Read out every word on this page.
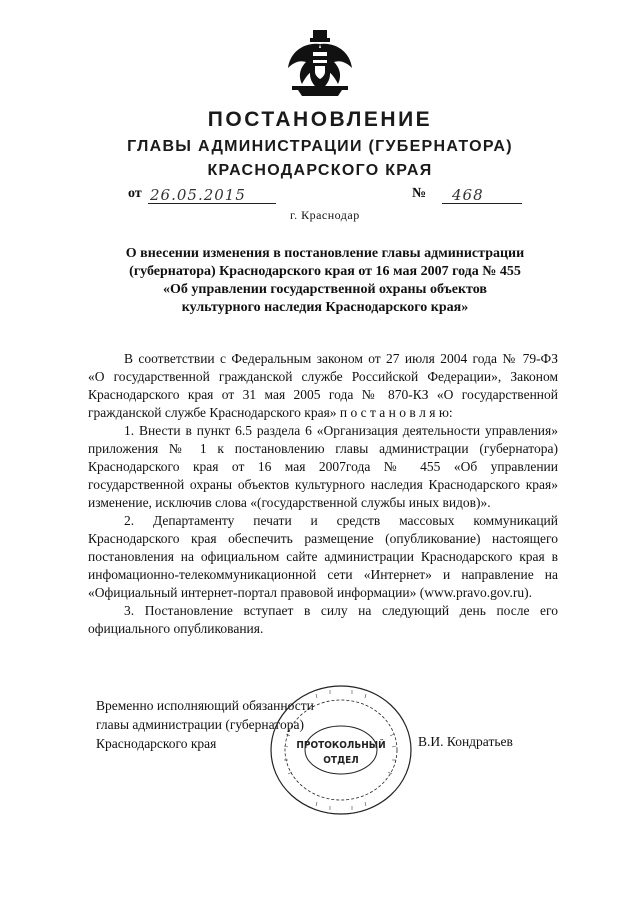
ПОСТАНОВЛЕНИЕ
ГЛАВЫ АДМИНИСТРАЦИИ (ГУБЕРНАТОРА)
КРАСНОДАРСКОГО КРАЯ
от 26.05.2015	№ 468
г. Краснодар
О внесении изменения в постановление главы администрации
(губернатора) Краснодарского края от 16 мая 2007 года № 455
«Об управлении государственной охраны объектов
культурного наследия Краснодарского края»
В соответствии с Федеральным законом от 27 июля 2004 года № 79-ФЗ
«О государственной гражданской службе Российской Федерации», Законом
Краснодарского края от 31 мая 2005 года № 870-КЗ «О государственной
гражданской службе Краснодарского края» п о с т а н о в л я ю:
1. Внести в пункт 6.5 раздела 6 «Организация деятельности управления»
приложения № 1 к постановлению главы администрации (губернатора)
Краснодарского края от 16 мая 2007года № 455 «Об управлении
государственной охраны объектов культурного наследия Краснодарского края»
изменение, исключив слова «(государственной службы иных видов)».
2. Департаменту печати и средств массовых коммуникаций
Краснодарского края обеспечить размещение (опубликование) настоящего
постановления на официальном сайте администрации Краснодарского края в
инфомационно-телекоммуникационной сети «Интернет» и направление на
«Официальный интернет-портал правовой информации» (www.pravo.gov.ru).
3. Постановление вступает в силу на следующий день после его
официального опубликования.
Временно исполняющий обязанности
главы администрации (губернатора)
Краснодарского края	В.И. Кондратьев
ПРОТОКОЛЬНЫЙ
ОТДЕЛ
